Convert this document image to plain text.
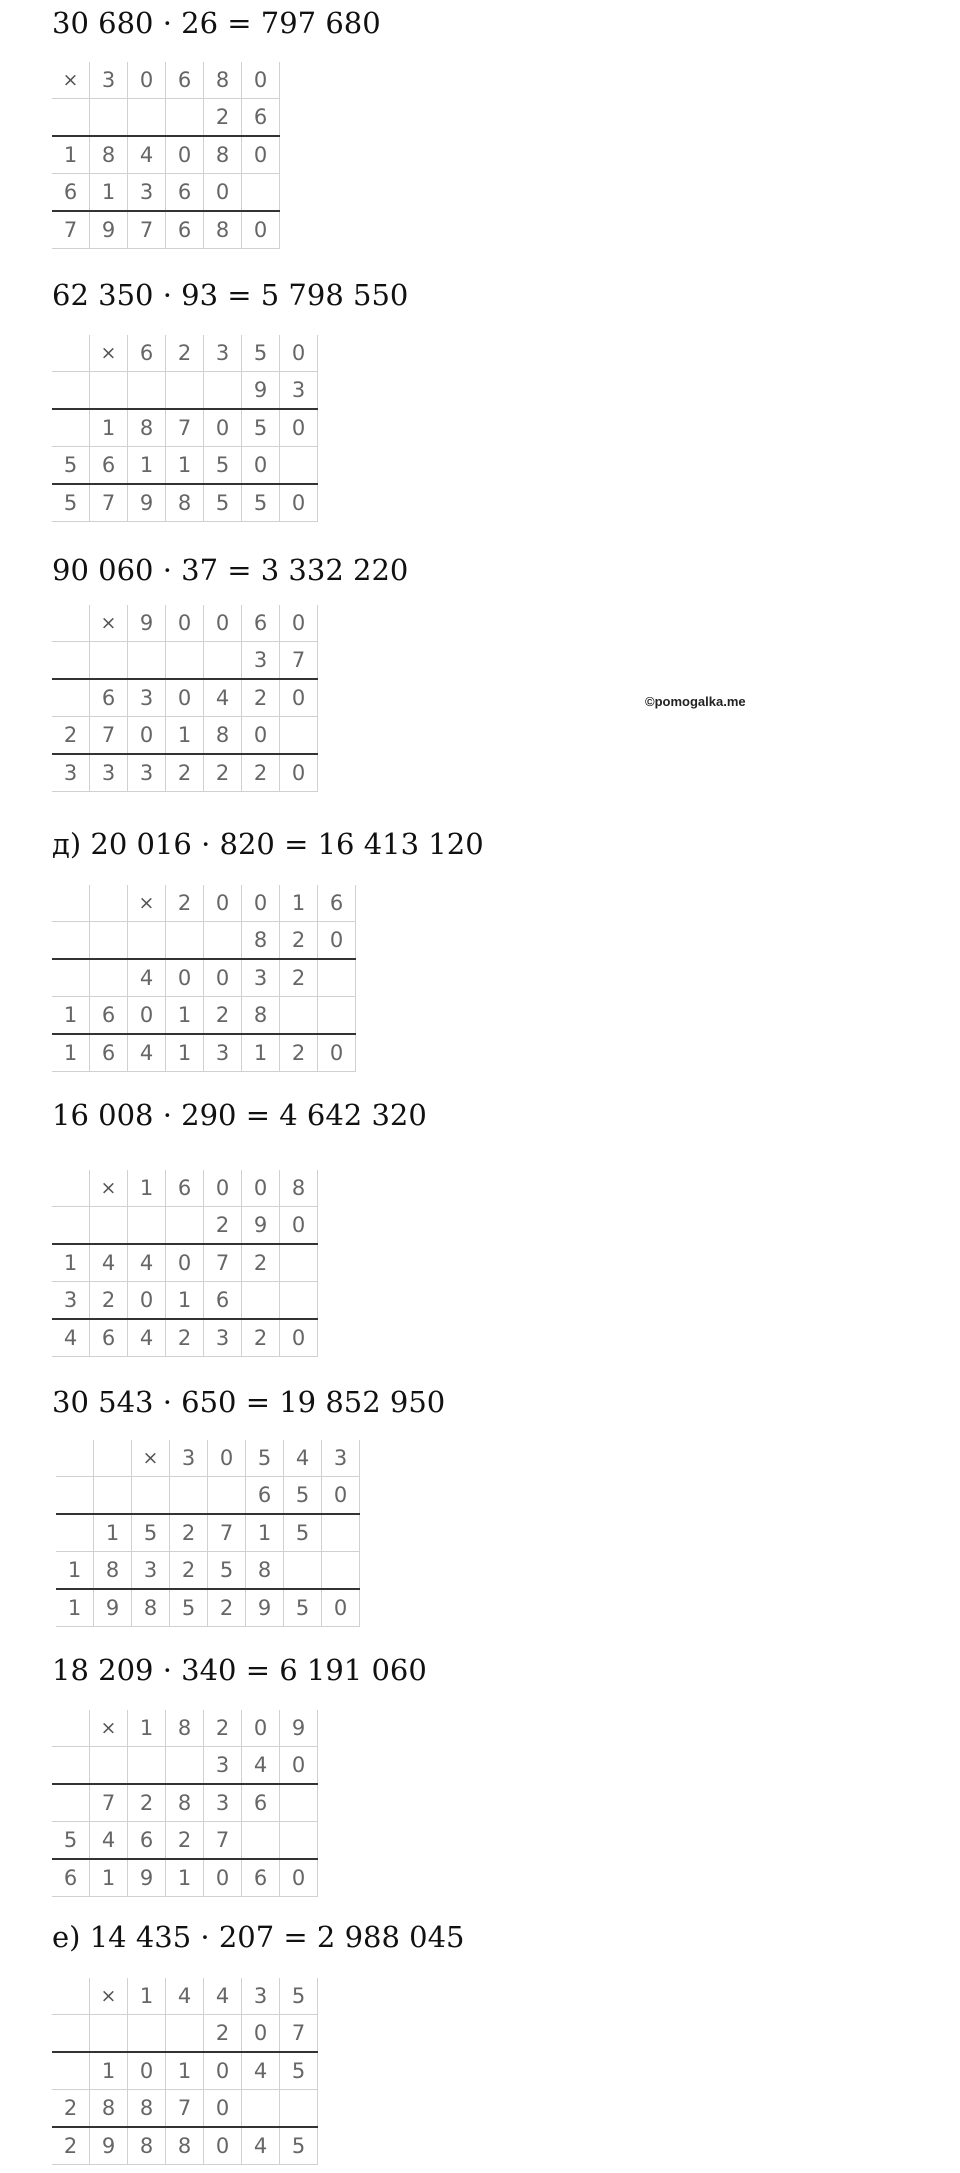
©pomogalka.me
30 680 · 26 = 797 680
×	3	0	6	8	0
				2	6
1	8	4	0	8	0
6	1	3	6	0	
7	9	7	6	8	0
62 350 · 93 = 5 798 550
	×	6	2	3	5	0
					9	3
	1	8	7	0	5	0
5	6	1	1	5	0	
5	7	9	8	5	5	0
90 060 · 37 = 3 332 220
	×	9	0	0	6	0
					3	7
	6	3	0	4	2	0
2	7	0	1	8	0	
3	3	3	2	2	2	0
д) 20 016 · 820 = 16 413 120
		×	2	0	0	1	6
					8	2	0
		4	0	0	3	2	
1	6	0	1	2	8		
1	6	4	1	3	1	2	0
16 008 · 290 = 4 642 320
	×	1	6	0	0	8
				2	9	0
1	4	4	0	7	2	
3	2	0	1	6		
4	6	4	2	3	2	0
30 543 · 650 = 19 852 950
		×	3	0	5	4	3
					6	5	0
	1	5	2	7	1	5	
1	8	3	2	5	8		
1	9	8	5	2	9	5	0
18 209 · 340 = 6 191 060
	×	1	8	2	0	9
				3	4	0
	7	2	8	3	6	
5	4	6	2	7		
6	1	9	1	0	6	0
е) 14 435 · 207 = 2 988 045
	×	1	4	4	3	5
				2	0	7
	1	0	1	0	4	5
2	8	8	7	0		
2	9	8	8	0	4	5
